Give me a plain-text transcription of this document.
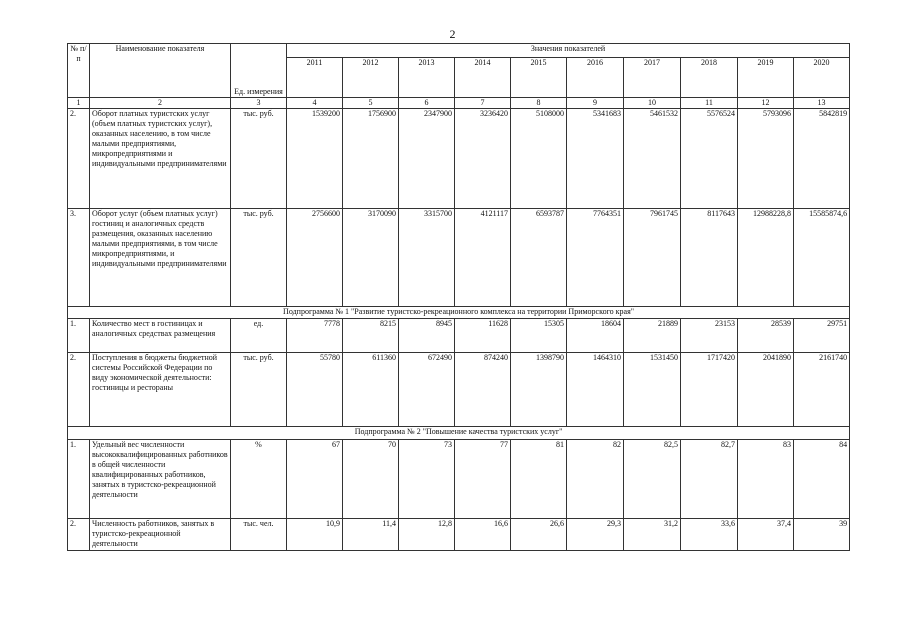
2
№ п/п	Наименование показателя	Ед. измерения	Значения показателей									
			2011	2012	2013	2014	2015	2016	2017	2018	2019	2020
1	2	3	4	5	6	7	8	9	10	11	12	13
2.	Оборот платных туристских услуг (объем платных туристских услуг), оказанных населению, в том числе малыми предприятиями, микропредприятиями и индивидуальными предпринимателями	тыс. руб.	1539200	1756900	2347900	3236420	5108000	5341683	5461532	5576524	5793096	5842819
3.	Оборот услуг (объем платных услуг) гостиниц и аналогичных средств размещения, оказанных населению малыми предприятиями, в том числе микропредприятиями, и индивидуальными предпринимателями	тыс. руб.	2756600	3170090	3315700	4121117	6593787	7764351	7961745	8117643	12988228,8	15585874,6
Подпрограмма № 1 "Развитие туристско-рекреационного комплекса на территории Приморского края"												
1.	Количество мест в гостиницах и аналогичных средствах размещения	ед.	7778	8215	8945	11628	15305	18604	21889	23153	28539	29751
2.	Поступления в бюджеты бюджетной системы Российской Федерации по виду экономической деятельности: гостиницы и рестораны	тыс. руб.	55780	611360	672490	874240	1398790	1464310	1531450	1717420	2041890	2161740
Подпрограмма № 2 "Повышение качества туристских услуг"												
1.	Удельный вес численности высококвалифицированных работников в общей численности квалифицированных работников, занятых в туристско-рекреационной деятельности	%	67	70	73	77	81	82	82,5	82,7	83	84
2.	Численность работников, занятых в туристско-рекреационной деятельности	тыс. чел.	10,9	11,4	12,8	16,6	26,6	29,3	31,2	33,6	37,4	39
